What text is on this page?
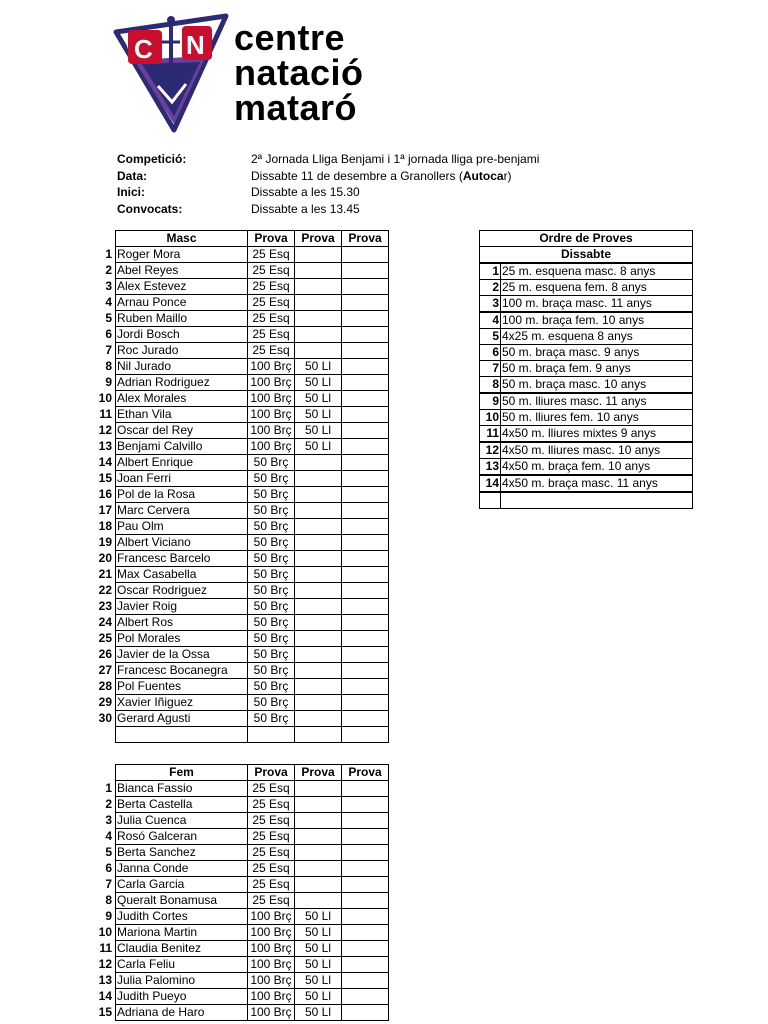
C N centre
natació
mataró
Competició:	2ª Jornada Lliga Benjami i 1ª jornada lliga pre-benjami
Data:	Dissabte 11 de desembre a Granollers (Autocar)
Inici:	Dissabte a les 15.30
Convocats:	Dissabte a les 13.45
	Masc	Prova	Prova	Prova
1	Roger Mora	25 Esq		
2	Abel Reyes	25 Esq		
3	Alex Estevez	25 Esq		
4	Arnau Ponce	25 Esq		
5	Ruben Maillo	25 Esq		
6	Jordi Bosch	25 Esq		
7	Roc Jurado	25 Esq		
8	Nil Jurado	100 Brç	50 Ll	
9	Adrian Rodriguez	100 Brç	50 Ll	
10	Alex Morales	100 Brç	50 Ll	
11	Ethan Vila	100 Brç	50 Ll	
12	Oscar del Rey	100 Brç	50 Ll	
13	Benjami Calvillo	100 Brç	50 Ll	
14	Albert Enrique	50 Brç		
15	Joan Ferri	50 Brç		
16	Pol de la Rosa	50 Brç		
17	Marc Cervera	50 Brç		
18	Pau Olm	50 Brç		
19	Albert Viciano	50 Brç		
20	Francesc Barcelo	50 Brç		
21	Max Casabella	50 Brç		
22	Oscar Rodriguez	50 Brç		
23	Javier Roig	50 Brç		
24	Albert Ros	50 Brç		
25	Pol Morales	50 Brç		
26	Javier de la Ossa	50 Brç		
27	Francesc Bocanegra	50 Brç		
28	Pol Fuentes	50 Brç		
29	Xavier Iñiguez	50 Brç		
30	Gerard Agusti	50 Brç		

	Fem	Prova	Prova	Prova
1	Bianca Fassio	25 Esq		
2	Berta Castella	25 Esq		
3	Julia Cuenca	25 Esq		
4	Rosó Galceran	25 Esq		
5	Berta Sanchez	25 Esq		
6	Janna Conde	25 Esq		
7	Carla Garcia	25 Esq		
8	Queralt Bonamusa	25 Esq		
9	Judith Cortes	100 Brç	50 Ll	
10	Mariona Martin	100 Brç	50 Ll	
11	Claudia Benitez	100 Brç	50 Ll	
12	Carla Feliu	100 Brç	50 Ll	
13	Julia Palomino	100 Brç	50 Ll	
14	Judith Pueyo	100 Brç	50 Ll	
15	Adriana de Haro	100 Brç	50 Ll	
Ordre de Proves	
Dissabte	
1	25 m. esquena masc. 8 anys
2	25 m. esquena fem. 8 anys
3	100 m. braça masc. 11 anys
4	100 m. braça fem. 10 anys
5	4x25 m. esquena 8 anys
6	50 m. braça masc. 9 anys
7	50 m. braça fem. 9 anys
8	50 m. braça masc. 10 anys
9	50 m. lliures masc. 11 anys
10	50 m. lliures fem. 10 anys
11	4x50 m. lliures mixtes 9 anys
12	4x50 m. lliures masc. 10 anys
13	4x50 m. braça fem. 10 anys
14	4x50 m. braça masc. 11 anys
